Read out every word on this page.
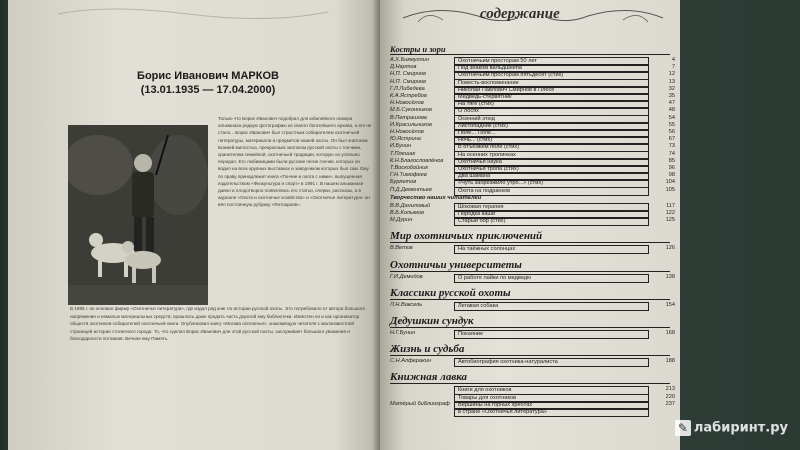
Борис Иванович МАРКОВ
(13.01.1935 — 17.04.2000)
Только что Борис Иванович подобрал для юбилейного номера альманаха редкую фотографию из своего богатейшего архива, а его не стало... Борис Иванович был страстным собирателем охотничьей литературы, материалов и предметов нашей охоты. Он был знатоком Божией милостью, прекрасным знатоком русской охоты с гончими, хранителем семейной, охотничьей традиции, которую он успешно передал. Его любимицами были русские пегие гончие, которых он водил на всех крупных выставках и заводчиком которых был сам. Ему по праву принадлежит книга «Гончие и охота с ними», выпущенная издательством «Физкультура и спорт» в 1991 г. В нашем альманахе давно и плодотворно появлялись его статьи, очерки, рассказы, а в журнале «Охота и охотничье хозяйство» и «Охотничья литература» он вёл постоянную рубрику «Фотоархив».
В 1995 г. он основал фирму «Охотничья литература», где издал ряд книг по истории русской охоты. Это потребовало от автора большого напряжения и немалых материальных средств; пришлось даже продать часть дорогой ему библиотеки. Известен он и как организатор обществ охотников-собирателей охотничьей книги. Опубликовал книгу «Москва охотничья», знакомящую читателя с малоизвестной страницей истории столичного города. То, что сделал Борис Иванович для этой русской охоты, заслуживает большого уважения и благодарности потомков. Вечная ему Память.
содержание
Костры и зори
А.Х.Бикмуллин	Охотничьим просторам 50 лет	4
Д.Нартов	Под знаком вальдшнепа	7
Н.П. Смирнов	Охотничьим просторам пятьдесят (стих)	12
Н.П. Смирнов	Повесть-воспоминание	13
Г.Л.Либедева	Николай Павлович Смирнов в Плёсе	32
К.А.Ястребов	Медведь-стервятник	35
Н.Новосёлов	На тяге (стих)	47
М.Б.Суконников	О лосях	48
В.Петрашова	Осенний этюд	54
И.Красильников	Листопадник (стих)	55
Н.Новосёлов	Поле... Поле...	56
Ю.Ястрина	Ночь... (стих)	67
И.Бунин	В отъезжем поле (стих)	73
Т.Плешак	На осенних тропинках	74
К.Н.Благословлёнов	Охотничья наука	85
Т.Воскобойник	Охотничья тропа (стих)	96
Г.Н.Тимофеев	Два шамана	98
Бурлетов	«Чуть забрезжило утро...» (стих)	104
П.Д.Дементьев	Охота на подранков	105
Творчество наших читателей
В.В.Даниловый	Шоковая терапия	117
В.Б.Колымов	Породка каши	122
М.Дурин	Старый бор (стих)	125
Мир охотничьих приключений
В.Ветов	На таёжных солонцах	126
Охотничьи университеты
Г.И.Демидов	О работе лайки по медведю	138
Классики русской охоты
Л.Н.Ваксель	Легавая собака	154
Дедушкин сундук
Н.Г.Бунин	Покаяние	168
Жизнь и судьба
С.Н.Алферакин	Автобиография охотника-натуралиста	188
Книжная лавка
Книги для охотников	213
Товары для охотников	220
Матёрый библиограф	Вершины на горных хребтах	237
в стране «Охотничья литература»
✎ лабиринт.ру
